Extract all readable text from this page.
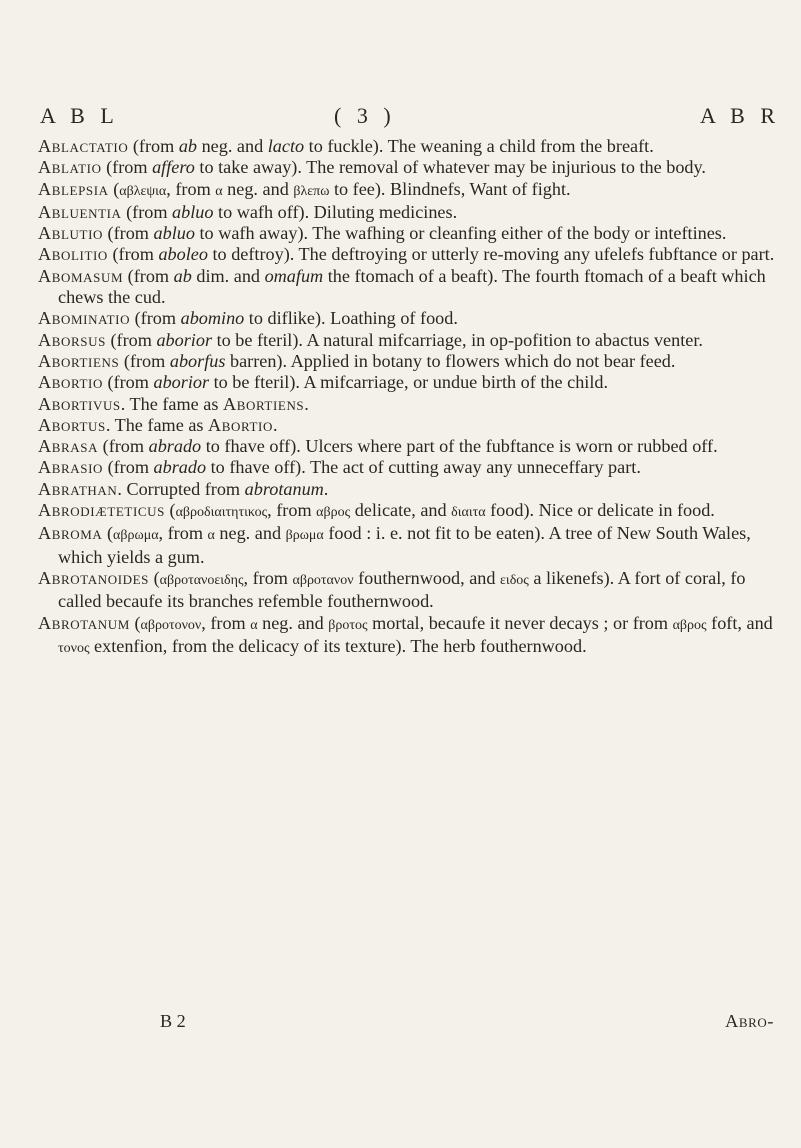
A B L	( 3 )	A B R

Ablactatio (from ab neg. and lacto to fuckle). The weaning a child from the breaft.

Ablatio (from affero to take away). The removal of whatever may be injurious to the body.

Ablepsia (αβλεψια, from α neg. and βλεπω to fee). Blindnefs, Want of fight.

Abluentia (from abluo to wafh off). Diluting medicines.

Ablutio (from abluo to wafh away). The wafhing or cleanfing either of the body or inteftines.

Abolitio (from aboleo to deftroy). The deftroying or utterly re-moving any ufelefs fubftance or part.

Abomasum (from ab dim. and omafum the ftomach of a beaft). The fourth ftomach of a beaft which chews the cud.

Abominatio (from abomino to diflike). Loathing of food.

Aborsus (from aborior to be fteril). A natural mifcarriage, in op-pofition to abactus venter.

Abortiens (from aborfus barren). Applied in botany to flowers which do not bear feed.

Abortio (from aborior to be fteril). A mifcarriage, or undue birth of the child.

Abortivus. The fame as Abortiens.

Abortus. The fame as Abortio.

Abrasa (from abrado to fhave off). Ulcers where part of the fubftance is worn or rubbed off.

Abrasio (from abrado to fhave off). The act of cutting away any unneceffary part.

Abrathan. Corrupted from abrotanum.

Abrodiæteticus (αβροδιαιτητικος, from αβρος delicate, and διαιτα food). Nice or delicate in food.

Abroma (αβρωμα, from α neg. and βρωμα food : i. e. not fit to be eaten). A tree of New South Wales, which yields a gum.

Abrotanoides (αβροτανοειδης, from αβροτανον fouthernwood, and ειδος a likenefs). A fort of coral, fo called becaufe its branches refemble fouthernwood.

Abrotanum (αβροτονον, from α neg. and βροτος mortal, becaufe it never decays ; or from αβρος foft, and τονος extenfion, from the delicacy of its texture). The herb fouthernwood.

B 2	Abro-
